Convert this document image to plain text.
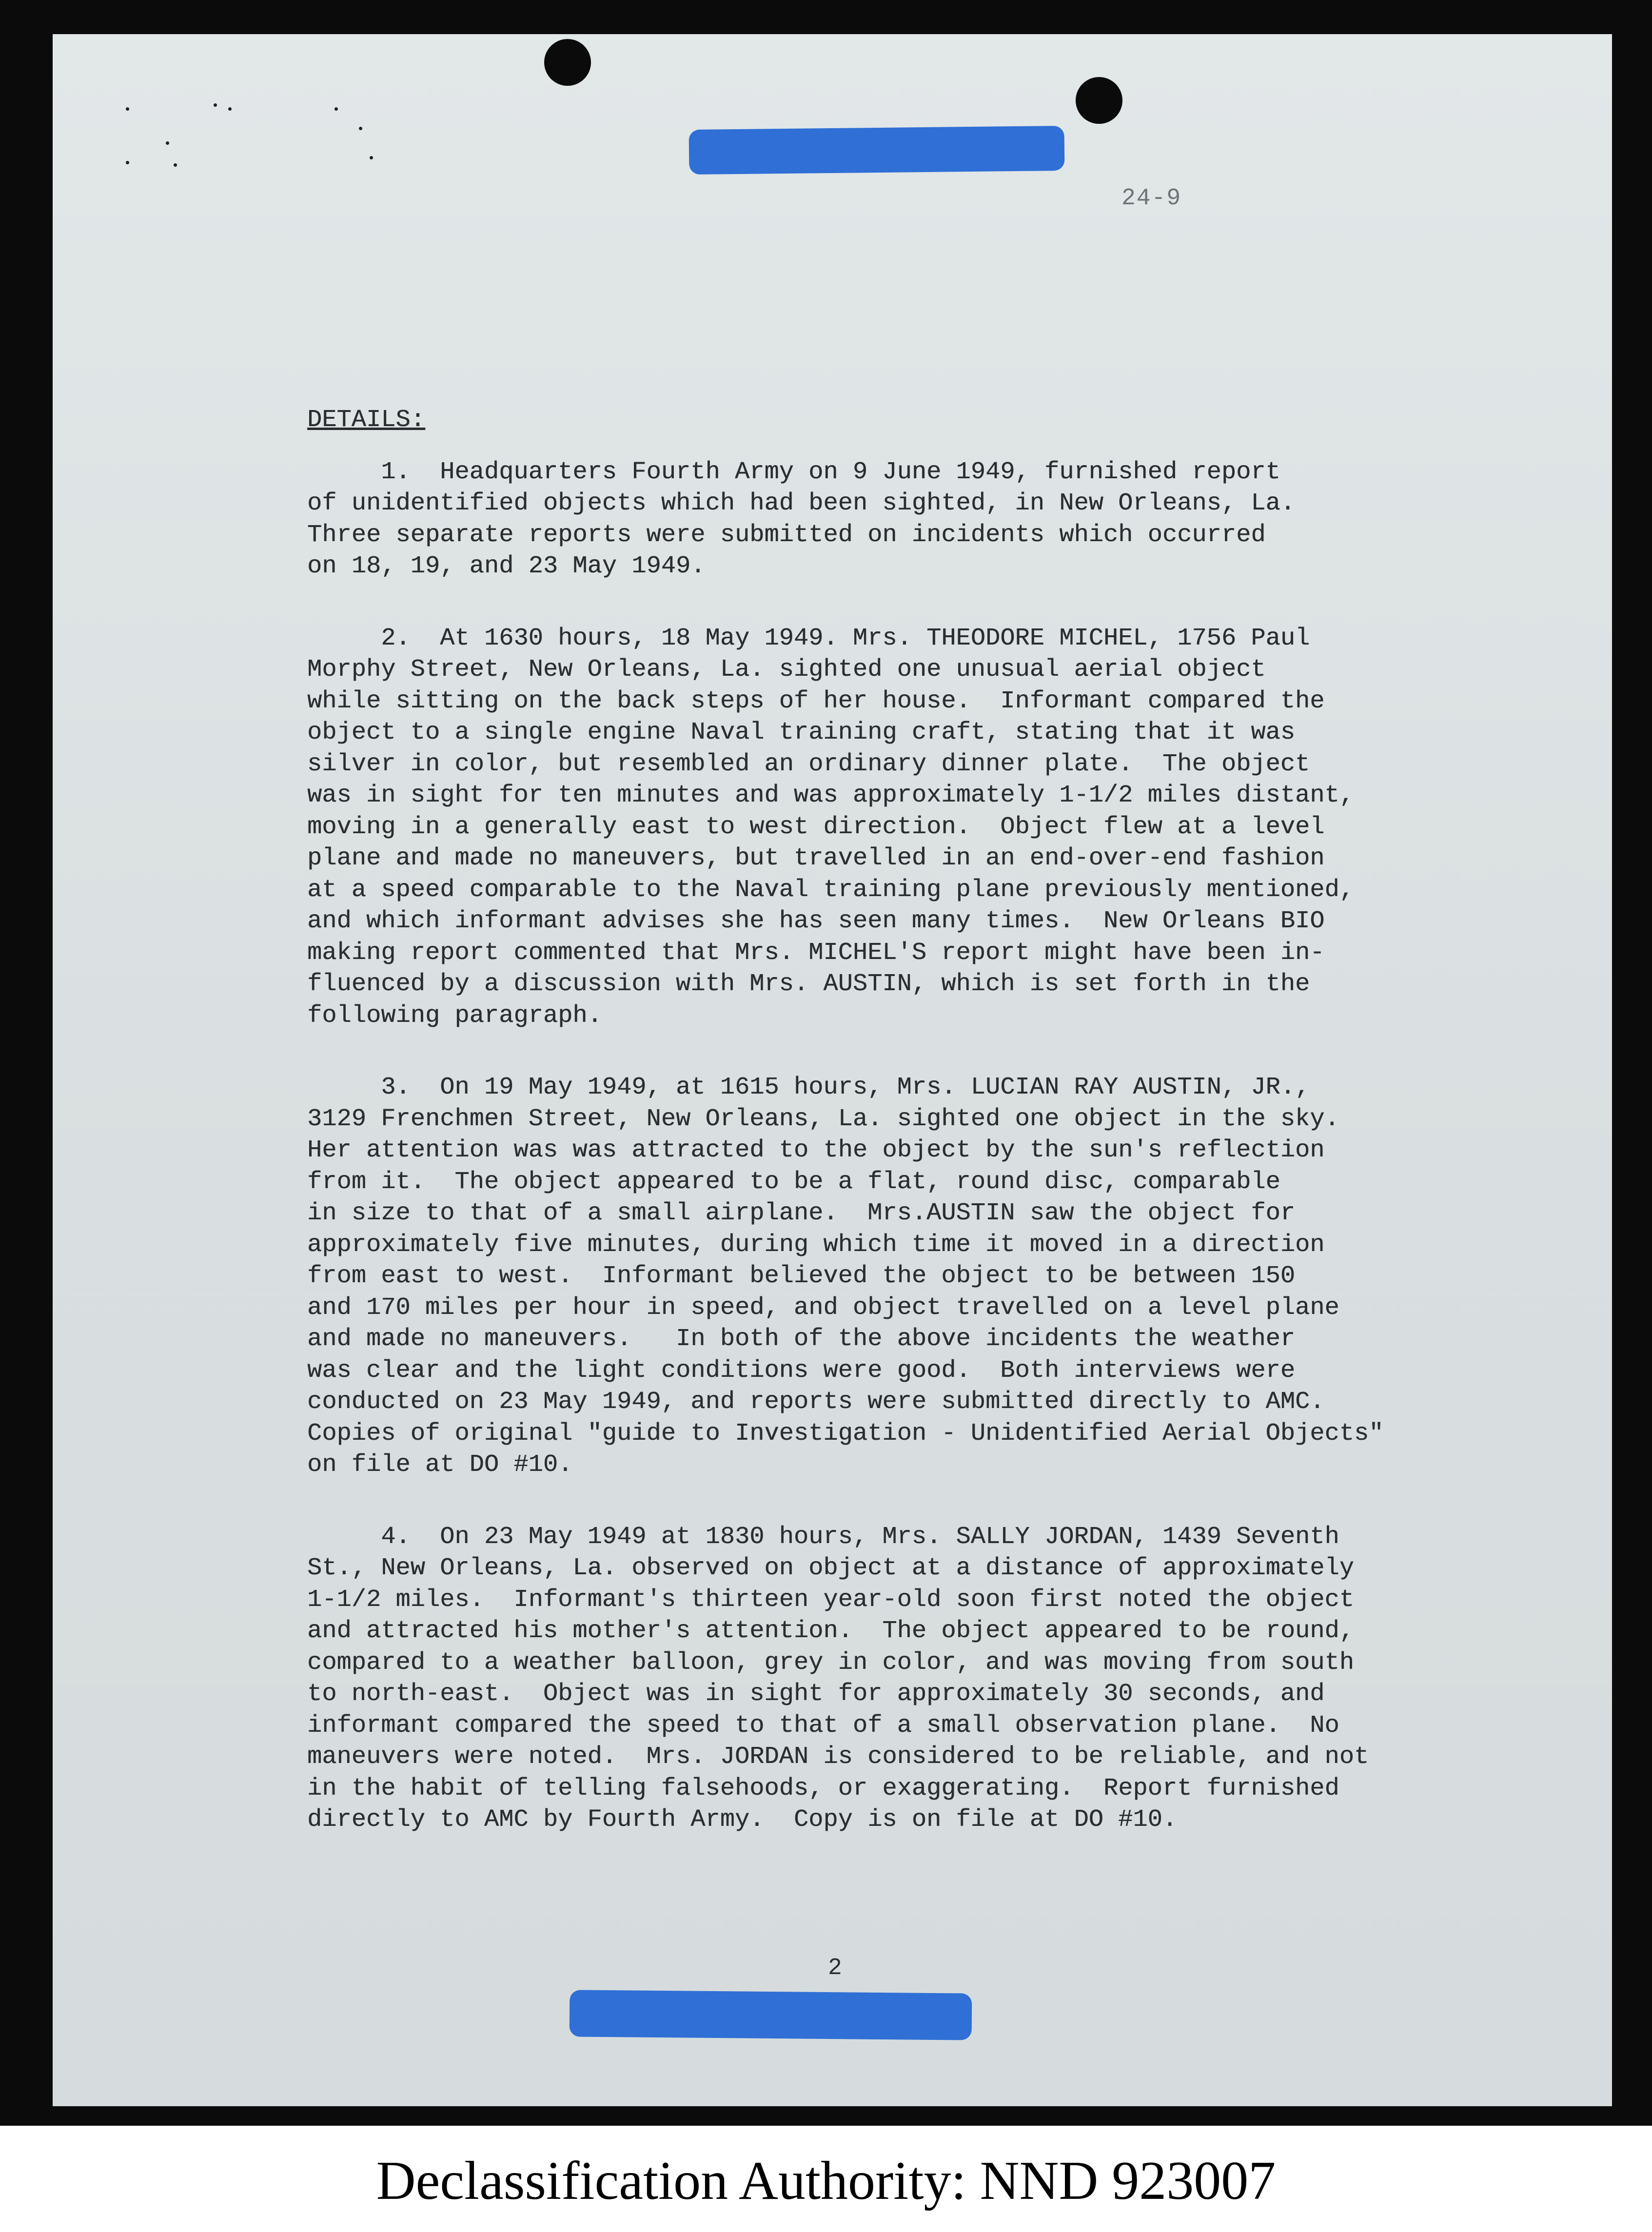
24-9
DETAILS:
1.  Headquarters Fourth Army on 9 June 1949, furnished report
of unidentified objects which had been sighted, in New Orleans, La.
Three separate reports were submitted on incidents which occurred
on 18, 19, and 23 May 1949.
2.  At 1630 hours, 18 May 1949. Mrs. THEODORE MICHEL, 1756 Paul
Morphy Street, New Orleans, La. sighted one unusual aerial object
while sitting on the back steps of her house.  Informant compared the
object to a single engine Naval training craft, stating that it was
silver in color, but resembled an ordinary dinner plate.  The object
was in sight for ten minutes and was approximately 1-1/2 miles distant,
moving in a generally east to west direction.  Object flew at a level
plane and made no maneuvers, but travelled in an end-over-end fashion
at a speed comparable to the Naval training plane previously mentioned,
and which informant advises she has seen many times.  New Orleans BIO
making report commented that Mrs. MICHEL'S report might have been in-
fluenced by a discussion with Mrs. AUSTIN, which is set forth in the
following paragraph.
3.  On 19 May 1949, at 1615 hours, Mrs. LUCIAN RAY AUSTIN, JR.,
3129 Frenchmen Street, New Orleans, La. sighted one object in the sky.
Her attention was was attracted to the object by the sun's reflection
from it.  The object appeared to be a flat, round disc, comparable
in size to that of a small airplane.  Mrs.AUSTIN saw the object for
approximately five minutes, during which time it moved in a direction
from east to west.  Informant believed the object to be between 150
and 170 miles per hour in speed, and object travelled on a level plane
and made no maneuvers.   In both of the above incidents the weather
was clear and the light conditions were good.  Both interviews were
conducted on 23 May 1949, and reports were submitted directly to AMC.
Copies of original "guide to Investigation - Unidentified Aerial Objects"
on file at DO #10.
4.  On 23 May 1949 at 1830 hours, Mrs. SALLY JORDAN, 1439 Seventh
St., New Orleans, La. observed on object at a distance of approximately
1-1/2 miles.  Informant's thirteen year-old soon first noted the object
and attracted his mother's attention.  The object appeared to be round,
compared to a weather balloon, grey in color, and was moving from south
to north-east.  Object was in sight for approximately 30 seconds, and
informant compared the speed to that of a small observation plane.  No
maneuvers were noted.  Mrs. JORDAN is considered to be reliable, and not
in the habit of telling falsehoods, or exaggerating.  Report furnished
directly to AMC by Fourth Army.  Copy is on file at DO #10.
2
Declassification Authority: NND 923007
